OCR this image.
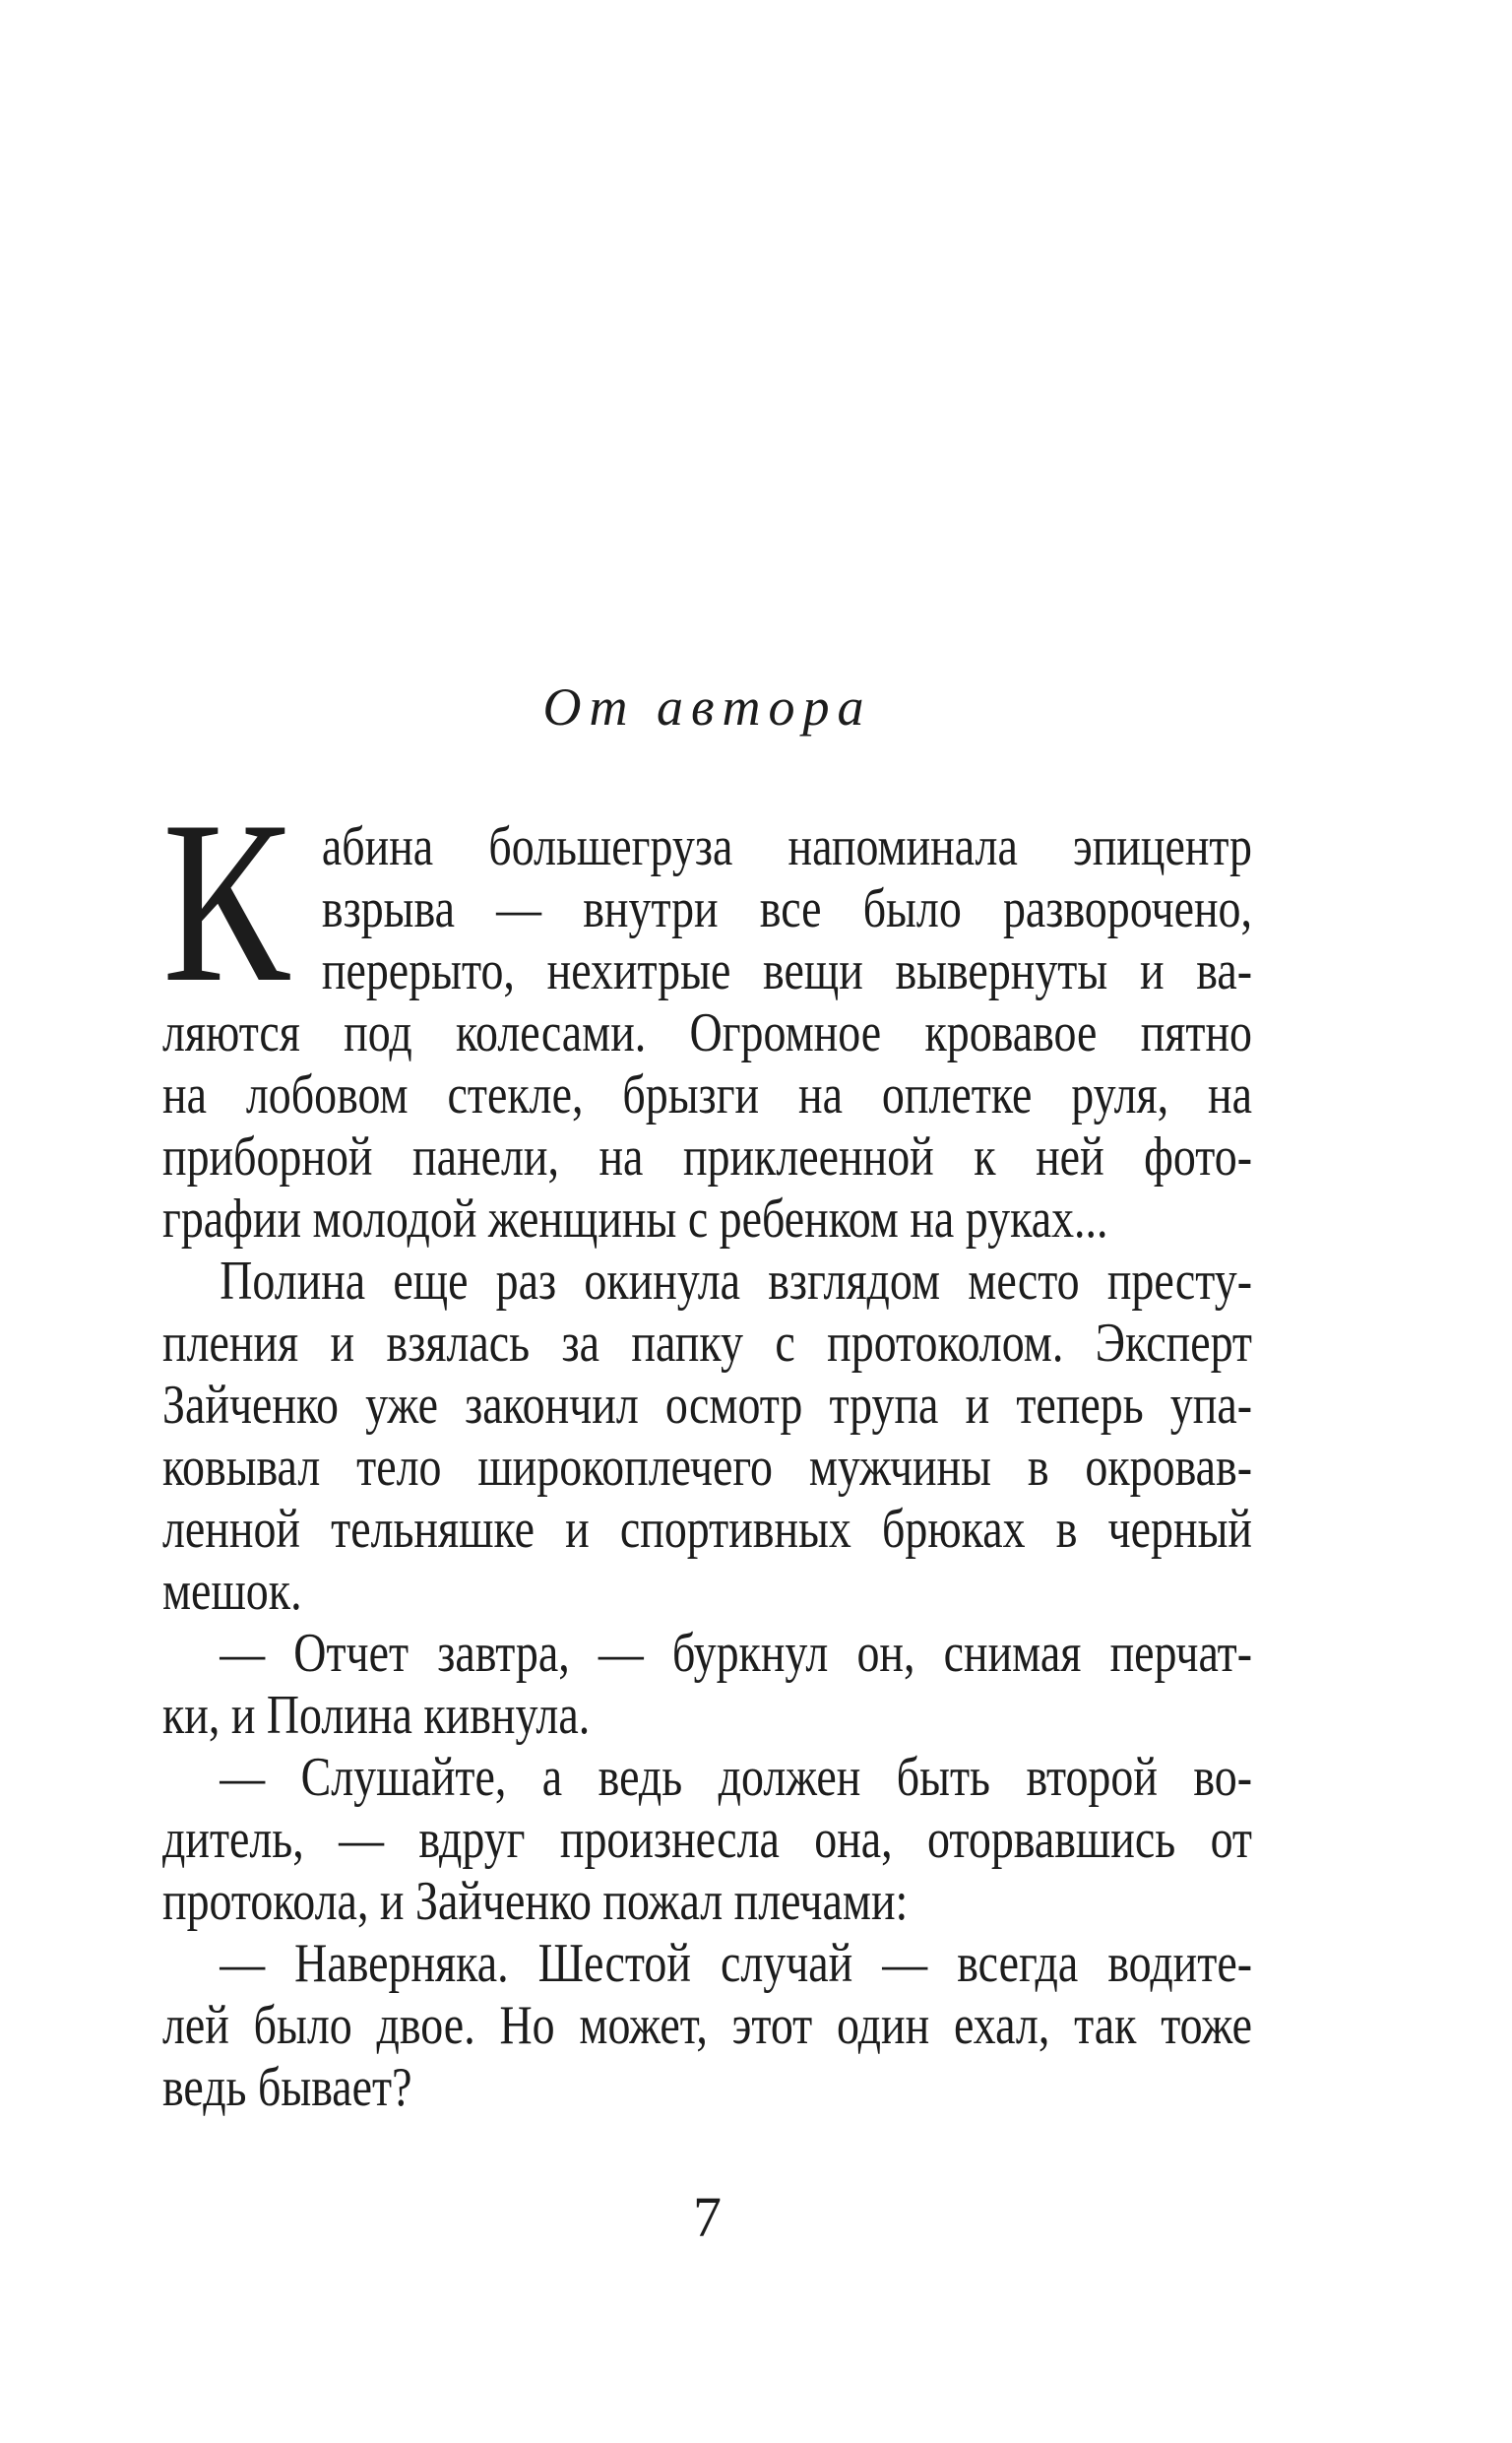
От автора
К абина большегруза напоминала эпицентр
взрыва — внутри все было разворочено,
перерыто, нехитрые вещи вывернуты и ва-
ляются под колесами. Огромное кровавое пятно
на лобовом стекле, брызги на оплетке руля, на
приборной панели, на приклеенной к ней фото-
графии молодой женщины с ребенком на руках...
Полина еще раз окинула взглядом место престу-
пления и взялась за папку с протоколом. Эксперт
Зайченко уже закончил осмотр трупа и теперь упа-
ковывал тело широкоплечего мужчины в окровав-
ленной тельняшке и спортивных брюках в черный
мешок.
— Отчет завтра, — буркнул он, снимая перчат-
ки, и Полина кивнула.
— Слушайте, а ведь должен быть второй во-
дитель, — вдруг произнесла она, оторвавшись от
протокола, и Зайченко пожал плечами:
— Наверняка. Шестой случай — всегда водите-
лей было двое. Но может, этот один ехал, так тоже
ведь бывает?
7
